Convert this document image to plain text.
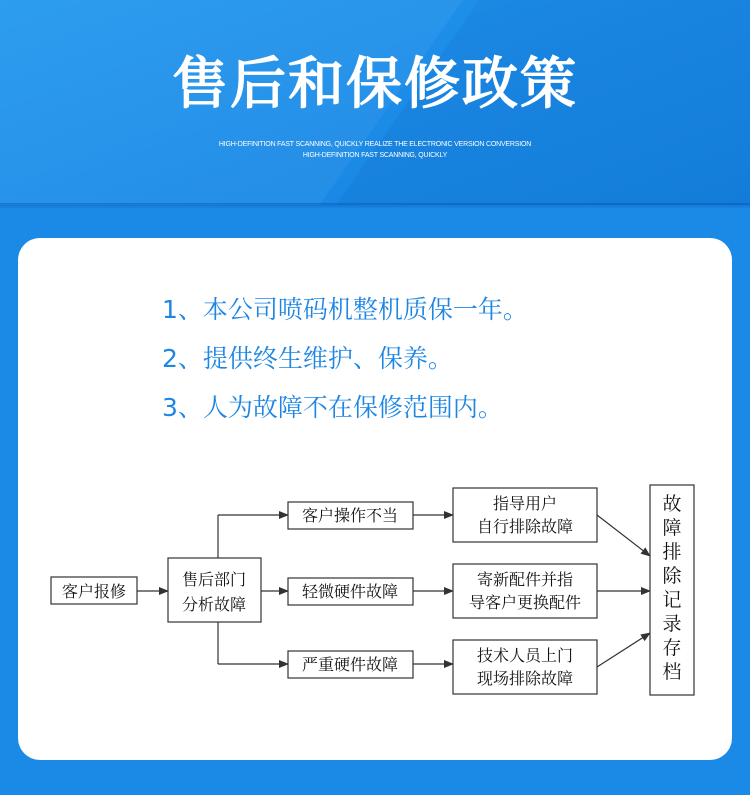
售后和保修政策
HIGH-DEFINITION FAST SCANNING, QUICKLY REALIZE THE ELECTRONIC VERSION CONVERSION
HIGH-DEFINITION FAST SCANNING, QUICKLY
1、本公司喷码机整机质保一年。
2、提供终生维护、保养。
3、人为故障不在保修范围内。
客户报修
售后部门
分析故障
客户操作不当
轻微硬件故障
严重硬件故障
指导用户
自行排除故障
寄新配件并指
导客户更换配件
技术人员上门
现场排除故障
故
障
排
除
记
录
存
档
